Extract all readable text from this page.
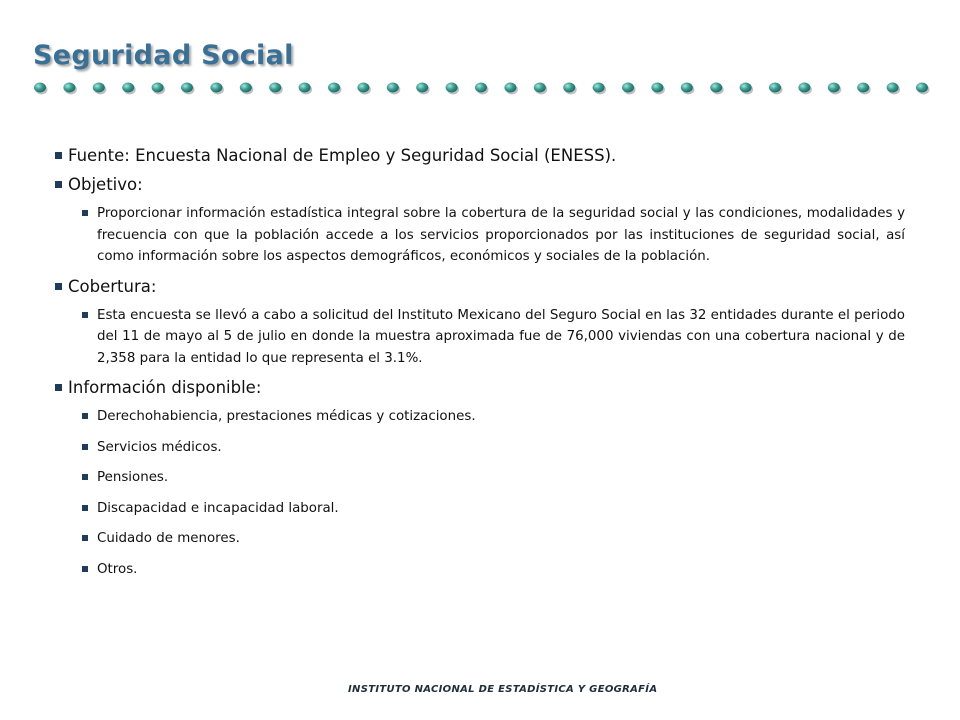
Seguridad Social
Fuente: Encuesta Nacional de Empleo y Seguridad Social (ENESS).
Objetivo:
Proporcionar información estadística integral sobre la cobertura de la seguridad social y las condiciones, modalidades y frecuencia con que la población accede a los servicios proporcionados por las instituciones de seguridad social, así como información sobre los aspectos demográficos, económicos y sociales de la población.
Cobertura:
Esta encuesta se llevó a cabo a solicitud del Instituto Mexicano del Seguro Social en las 32 entidades durante el periodo del 11 de mayo al 5 de julio en donde la muestra aproximada fue de 76,000 viviendas con una cobertura nacional y de 2,358 para la entidad lo que representa el 3.1%.
Información disponible:
Derechohabiencia, prestaciones médicas y cotizaciones.
Servicios médicos.
Pensiones.
Discapacidad e incapacidad laboral.
Cuidado de menores.
Otros.
INSTITUTO NACIONAL DE ESTADÍSTICA Y GEOGRAFÍA
